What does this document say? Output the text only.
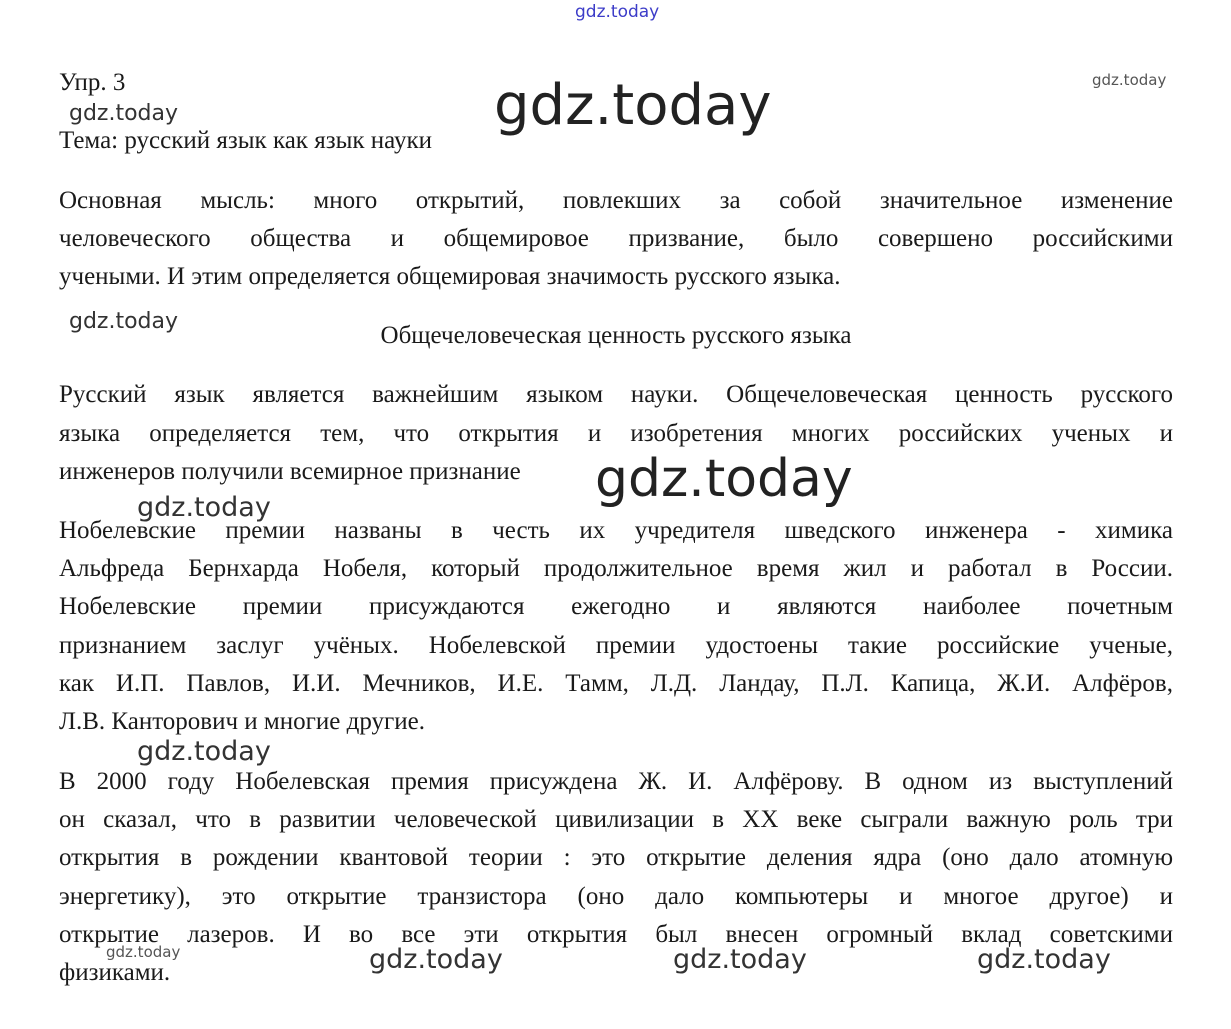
gdz.today
gdz.today
gdz.today	gdz.today
gdz.today
gdz.today
gdz.today
gdz.today
gdz.today	gdz.today	gdz.today	gdz.today
Упр. 3
Тема: русский язык как язык науки
Основная мысль: много открытий, повлекших за собой значительное изменение
человеческого общества и общемировое призвание, было совершено российскими
учеными. И этим определяется общемировая значимость русского языка.
Общечеловеческая ценность русского языка
Русский язык является важнейшим языком науки. Общечеловеческая ценность русского
языка определяется тем, что открытия и изобретения многих российских ученых и
инженеров получили всемирное признание
Нобелевские премии названы в честь их учредителя шведского инженера - химика
Альфреда Бернхарда Нобеля, который продолжительное время жил и работал в России.
Нобелевские премии присуждаются ежегодно и являются наиболее почетным
признанием заслуг учёных. Нобелевской премии удостоены такие российские ученые,
как И.П. Павлов, И.И. Мечников, И.Е. Тамм, Л.Д. Ландау, П.Л. Капица, Ж.И. Алфёров,
Л.В. Канторович и многие другие.
В 2000 году Нобелевская премия присуждена Ж. И. Алфёрову. В одном из выступлений
он сказал, что в развитии человеческой цивилизации в XX веке сыграли важную роль три
открытия в рождении квантовой теории : это открытие деления ядра (оно дало атомную
энергетику), это открытие транзистора (оно дало компьютеры и многое другое) и
открытие лазеров. И во все эти открытия был внесен огромный вклад советскими
физиками.
